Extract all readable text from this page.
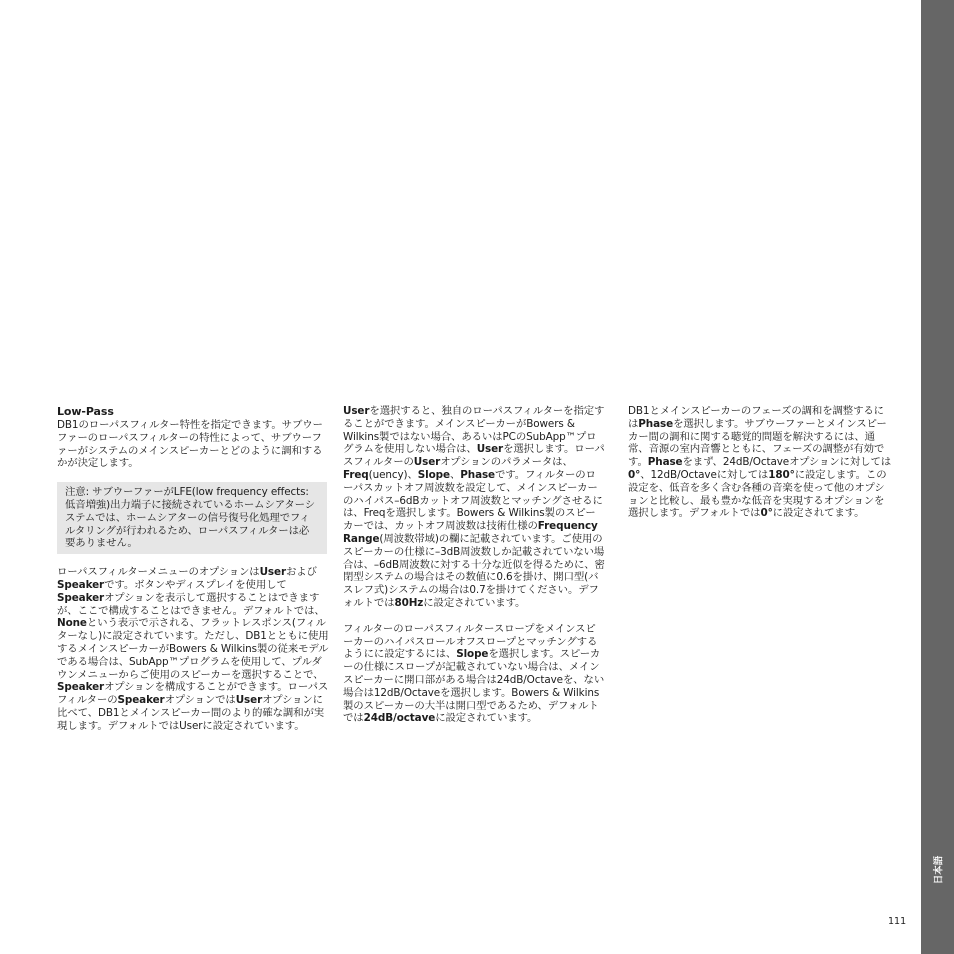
Low-Pass

DB1のローパスフィルター特性を指定できます。サブウーファーのローパスフィルターの特性によって、サブウーファーがシステムのメインスピーカーとどのように調和するかが決定します。

注意: サブウーファーがLFE(low frequency effects: 低音増強)出力端子に接続されているホームシアターシステムでは、ホームシアターの信号復号化処理でフィルタリングが行われるため、ローパスフィルターは必要ありません。

ローパスフィルターメニューのオプションはUserおよびSpeakerです。ボタンやディスプレイを使用してSpeakerオプションを表示して選択することはできますが、ここで構成することはできません。デフォルトでは、Noneという表示で示される、フラットレスポンス(フィルターなし)に設定されています。ただし、DB1とともに使用するメインスピーカーがBowers & Wilkins製の従来モデルである場合は、SubApp™プログラムを使用して、プルダウンメニューからご使用のスピーカーを選択することで、Speakerオプションを構成することができます。ローパスフィルターのSpeakerオプションではUserオプションに比べて、DB1とメインスピーカー間のより的確な調和が実現します。デフォルトではUserに設定されています。

Userを選択すると、独自のローパスフィルターを指定することができます。メインスピーカーがBowers & Wilkins製ではない場合、あるいはPCのSubApp™プログラムを使用しない場合は、Userを選択します。ローパスフィルターのUserオプションのパラメータは、Freq(uency)、Slope、Phaseです。フィルターのローパスカットオフ周波数を設定して、メインスピーカーのハイパス–6dBカットオフ周波数とマッチングさせるには、Freqを選択します。Bowers & Wilkins製のスピーカーでは、カットオフ周波数は技術仕様のFrequency Range(周波数帯域)の欄に記載されています。ご使用のスピーカーの仕様に–3dB周波数しか記載されていない場合は、–6dB周波数に対する十分な近似を得るために、密閉型システムの場合はその数値に0.6を掛け、開口型(バスレフ式)システムの場合は0.7を掛けてください。デフォルトでは80Hzに設定されています。

フィルターのローパスフィルタースロープをメインスピーカーのハイパスロールオフスロープとマッチングするようにに設定するには、Slopeを選択します。スピーカーの仕様にスロープが記載されていない場合は、メインスピーカーに開口部がある場合は24dB/Octaveを、ない場合は12dB/Octaveを選択します。Bowers & Wilkins製のスピーカーの大半は開口型であるため、デフォルトでは24dB/octaveに設定されています。

DB1とメインスピーカーのフェーズの調和を調整するにはPhaseを選択します。サブウーファーとメインスピーカー間の調和に関する聴覚的問題を解決するには、通常、音源の室内音響とともに、フェーズの調整が有効です。Phaseをまず、24dB/Octaveオプションに対しては0°、12dB/Octaveに対しては180°に設定します。この設定を、低音を多く含む各種の音楽を使って他のオプションと比較し、最も豊かな低音を実現するオプションを選択します。デフォルトでは0°に設定されてます。

日本語
111
